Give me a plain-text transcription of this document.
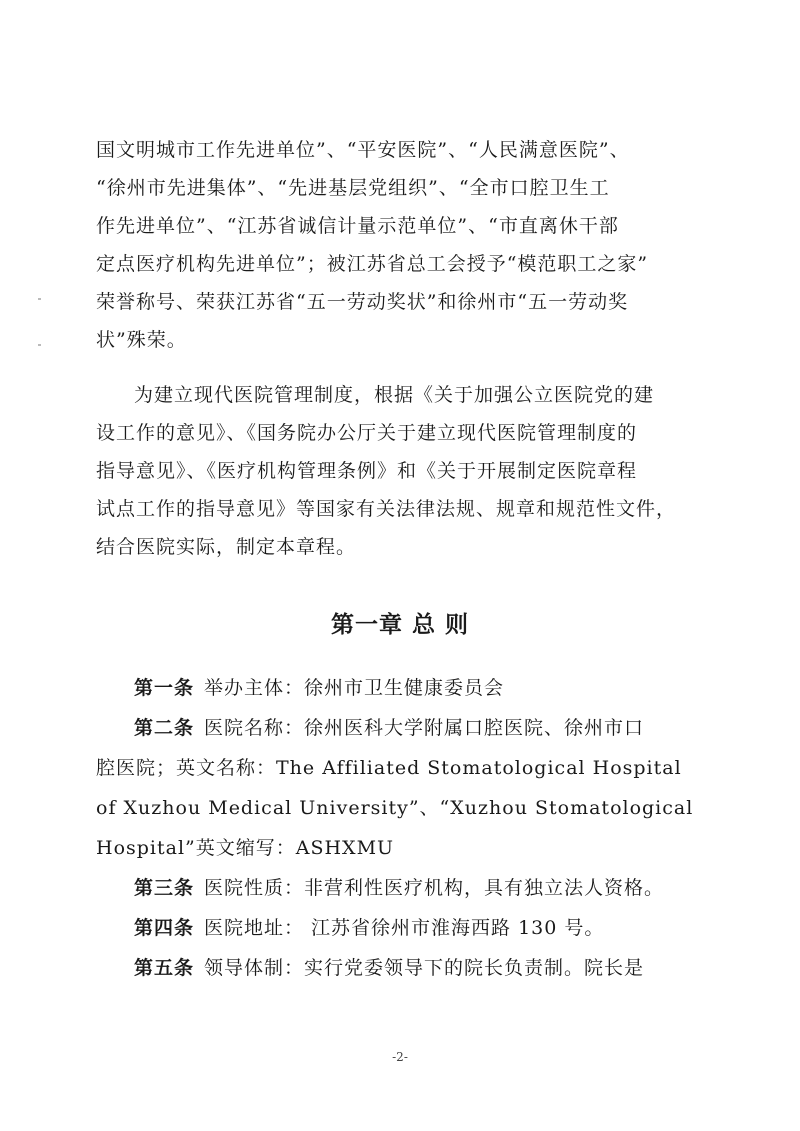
国文明城市工作先进单位”、“平安医院”、“人民满意医院”、
“徐州市先进集体”、“先进基层党组织”、“全市口腔卫生工
作先进单位”、“江苏省诚信计量示范单位”、“市直离休干部
定点医疗机构先进单位”；被江苏省总工会授予“模范职工之家”
荣誉称号、荣获江苏省“五一劳动奖状”和徐州市“五一劳动奖
状”殊荣。
为建立现代医院管理制度，根据《关于加强公立医院党的建
设工作的意见》、《国务院办公厅关于建立现代医院管理制度的
指导意见》、《医疗机构管理条例》和《关于开展制定医院章程
试点工作的指导意见》等国家有关法律法规、规章和规范性文件，
结合医院实际，制定本章程。
第一章 总 则
第一条 举办主体：徐州市卫生健康委员会
第二条 医院名称：徐州医科大学附属口腔医院、徐州市口
腔医院；英文名称：The Affiliated Stomatological Hospital
of Xuzhou Medical University”、“Xuzhou Stomatological
Hospital”英文缩写：ASHXMU
第三条 医院性质：非营利性医疗机构，具有独立法人资格。
第四条 医院地址： 江苏省徐州市淮海西路 130 号。
第五条 领导体制：实行党委领导下的院长负责制。院长是
-2-
